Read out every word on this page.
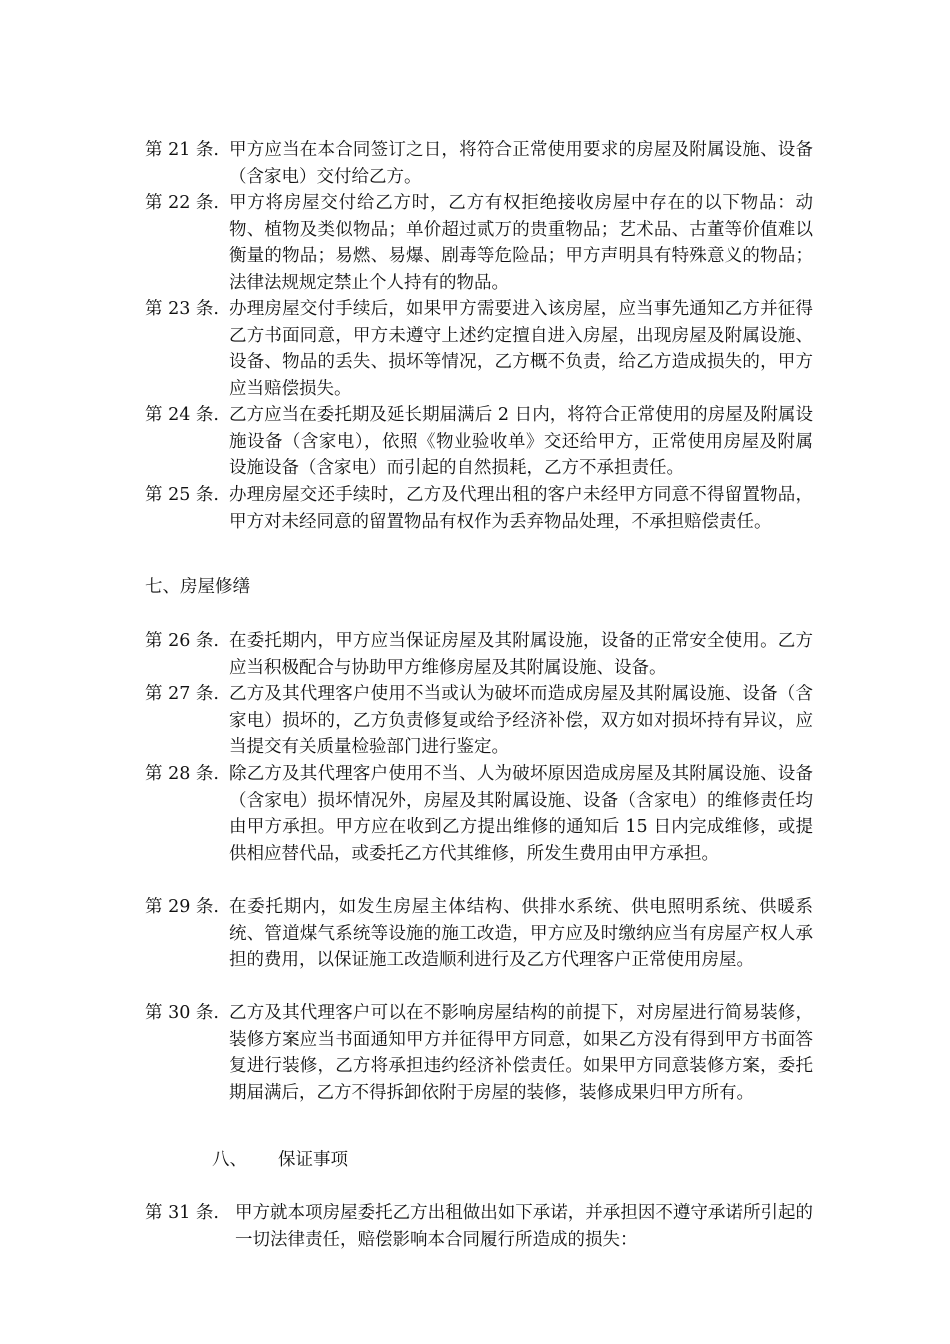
第 21 条. 甲方应当在本合同签订之日，将符合正常使用要求的房屋及附属设施、设备（含家电）交付给乙方。
第 22 条. 甲方将房屋交付给乙方时，乙方有权拒绝接收房屋中存在的以下物品：动物、植物及类似物品；单价超过贰万的贵重物品；艺术品、古董等价值难以衡量的物品；易燃、易爆、剧毒等危险品；甲方声明具有特殊意义的物品；法律法规规定禁止个人持有的物品。
第 23 条. 办理房屋交付手续后，如果甲方需要进入该房屋，应当事先通知乙方并征得乙方书面同意，甲方未遵守上述约定擅自进入房屋，出现房屋及附属设施、设备、物品的丢失、损坏等情况，乙方概不负责，给乙方造成损失的，甲方应当赔偿损失。
第 24 条. 乙方应当在委托期及延长期届满后 2 日内，将符合正常使用的房屋及附属设施设备（含家电），依照《物业验收单》交还给甲方，正常使用房屋及附属设施设备（含家电）而引起的自然损耗，乙方不承担责任。
第 25 条. 办理房屋交还手续时，乙方及代理出租的客户未经甲方同意不得留置物品，甲方对未经同意的留置物品有权作为丢弃物品处理，不承担赔偿责任。
七、房屋修缮
第 26 条. 在委托期内，甲方应当保证房屋及其附属设施，设备的正常安全使用。乙方应当积极配合与协助甲方维修房屋及其附属设施、设备。
第 27 条. 乙方及其代理客户使用不当或认为破坏而造成房屋及其附属设施、设备（含家电）损坏的，乙方负责修复或给予经济补偿，双方如对损坏持有异议，应当提交有关质量检验部门进行鉴定。
第 28 条. 除乙方及其代理客户使用不当、人为破坏原因造成房屋及其附属设施、设备（含家电）损坏情况外，房屋及其附属设施、设备（含家电）的维修责任均由甲方承担。甲方应在收到乙方提出维修的通知后 15 日内完成维修，或提供相应替代品，或委托乙方代其维修，所发生费用由甲方承担。
第 29 条. 在委托期内，如发生房屋主体结构、供排水系统、供电照明系统、供暖系统、管道煤气系统等设施的施工改造，甲方应及时缴纳应当有房屋产权人承担的费用，以保证施工改造顺利进行及乙方代理客户正常使用房屋。
第 30 条. 乙方及其代理客户可以在不影响房屋结构的前提下，对房屋进行简易装修，装修方案应当书面通知甲方并征得甲方同意，如果乙方没有得到甲方书面答复进行装修，乙方将承担违约经济补偿责任。如果甲方同意装修方案，委托期届满后，乙方不得拆卸依附于房屋的装修，装修成果归甲方所有。
八、 保证事项
第 31 条. 甲方就本项房屋委托乙方出租做出如下承诺，并承担因不遵守承诺所引起的一切法律责任，赔偿影响本合同履行所造成的损失：
